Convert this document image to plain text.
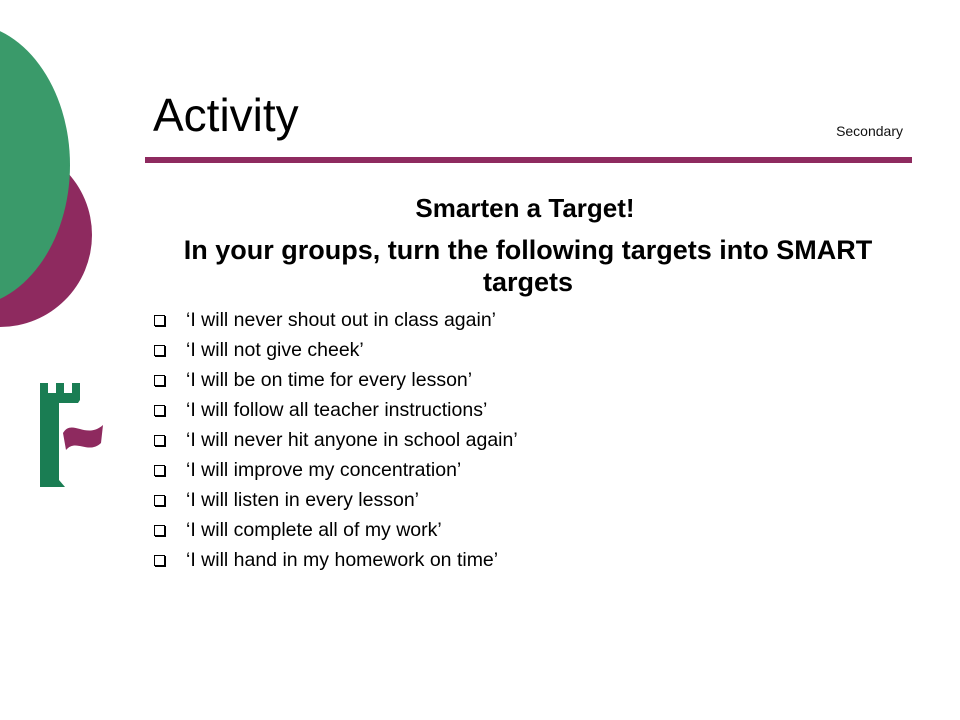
Activity	Secondary
Smarten a Target!
In your groups, turn the following targets into SMART targets
‘I will never shout out in class again’
‘I will not give cheek’
‘I will be on time for every lesson’
‘I will follow all teacher instructions’
‘I will never hit anyone in school again’
‘I will improve my concentration’
‘I will listen in every lesson’
‘I will complete all of my work’
‘I will hand in my homework on time’
